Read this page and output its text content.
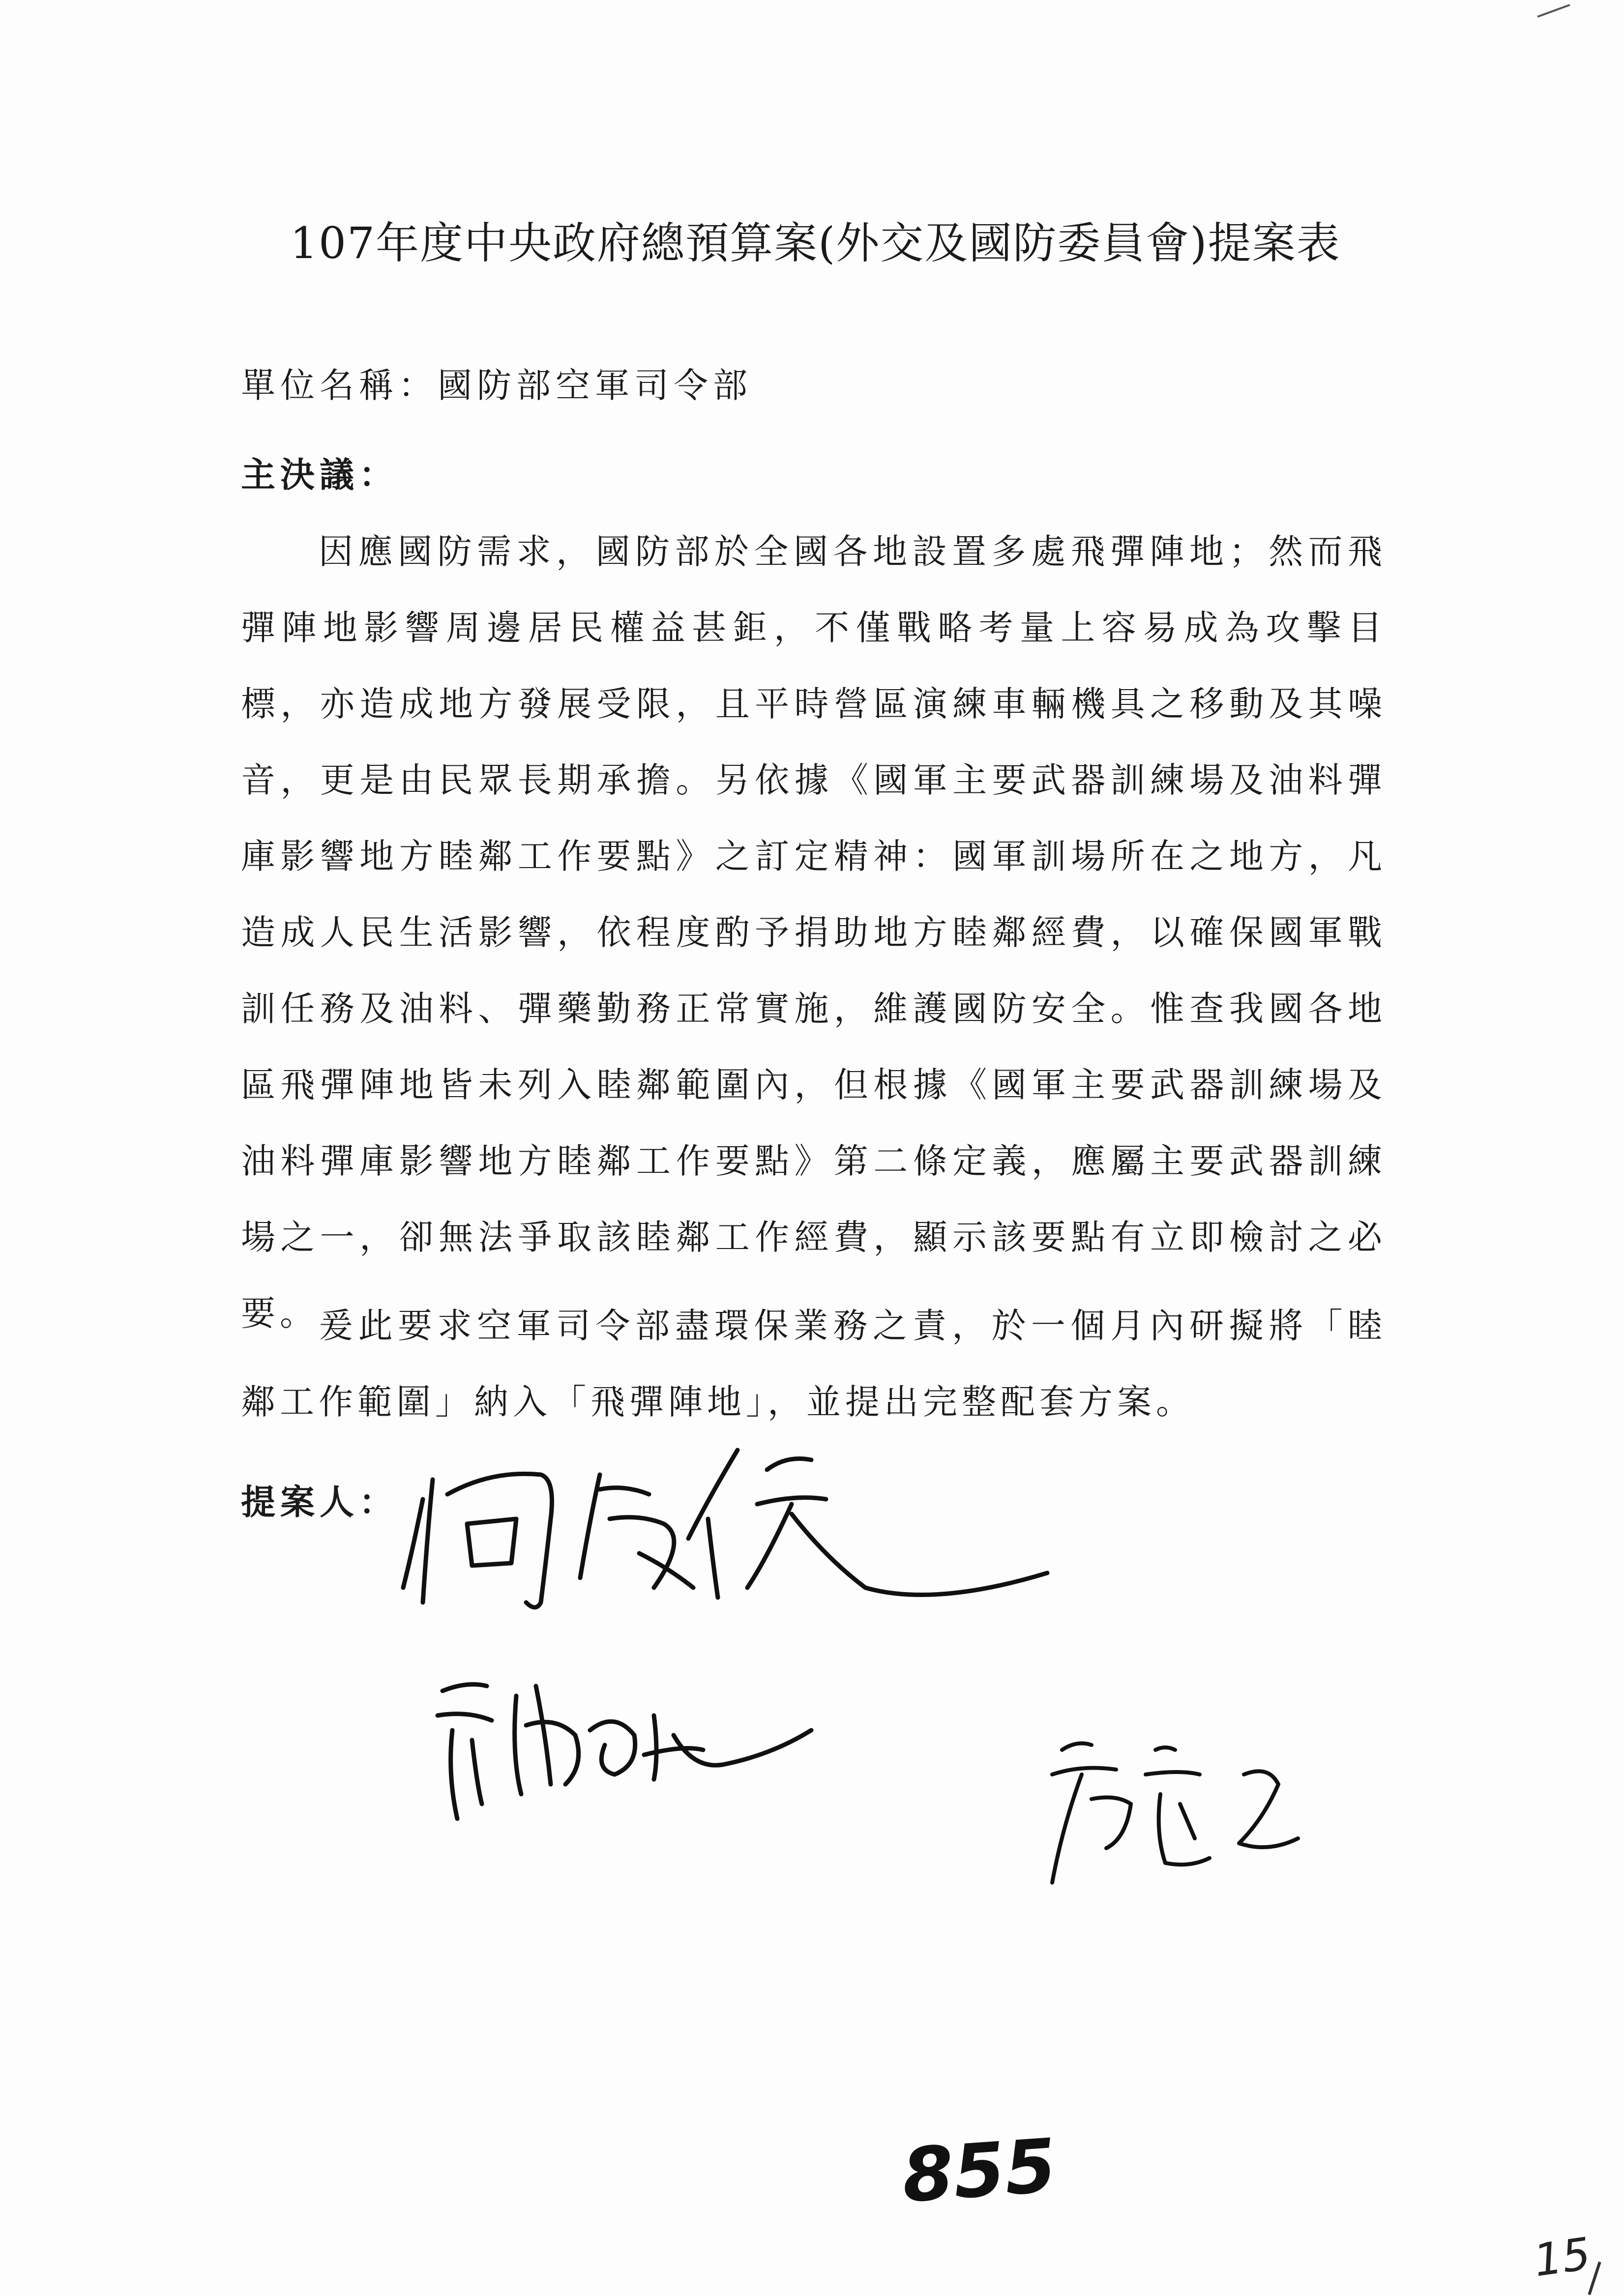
107年度中央政府總預算案(外交及國防委員會)提案表
單位名稱：國防部空軍司令部
主決議：

因應國防需求，國防部於全國各地設置多處飛彈陣地；然而飛彈陣地影響周邊居民權益甚鉅，不僅戰略考量上容易成為攻擊目標，亦造成地方發展受限，且平時營區演練車輛機具之移動及其噪音，更是由民眾長期承擔。另依據《國軍主要武器訓練場及油料彈庫影響地方睦鄰工作要點》之訂定精神：國軍訓場所在之地方，凡造成人民生活影響，依程度酌予捐助地方睦鄰經費，以確保國軍戰訓任務及油料、彈藥勤務正常實施，維護國防安全。惟查我國各地區飛彈陣地皆未列入睦鄰範圍內，但根據《國軍主要武器訓練場及油料彈庫影響地方睦鄰工作要點》第二條定義，應屬主要武器訓練場之一，卻無法爭取該睦鄰工作經費，顯示該要點有立即檢討之必要。 爰此要求空軍司令部盡環保業務之責，於一個月內研擬將「睦鄰工作範圍」納入「飛彈陣地」，並提出完整配套方案。

提案人：
855
15
